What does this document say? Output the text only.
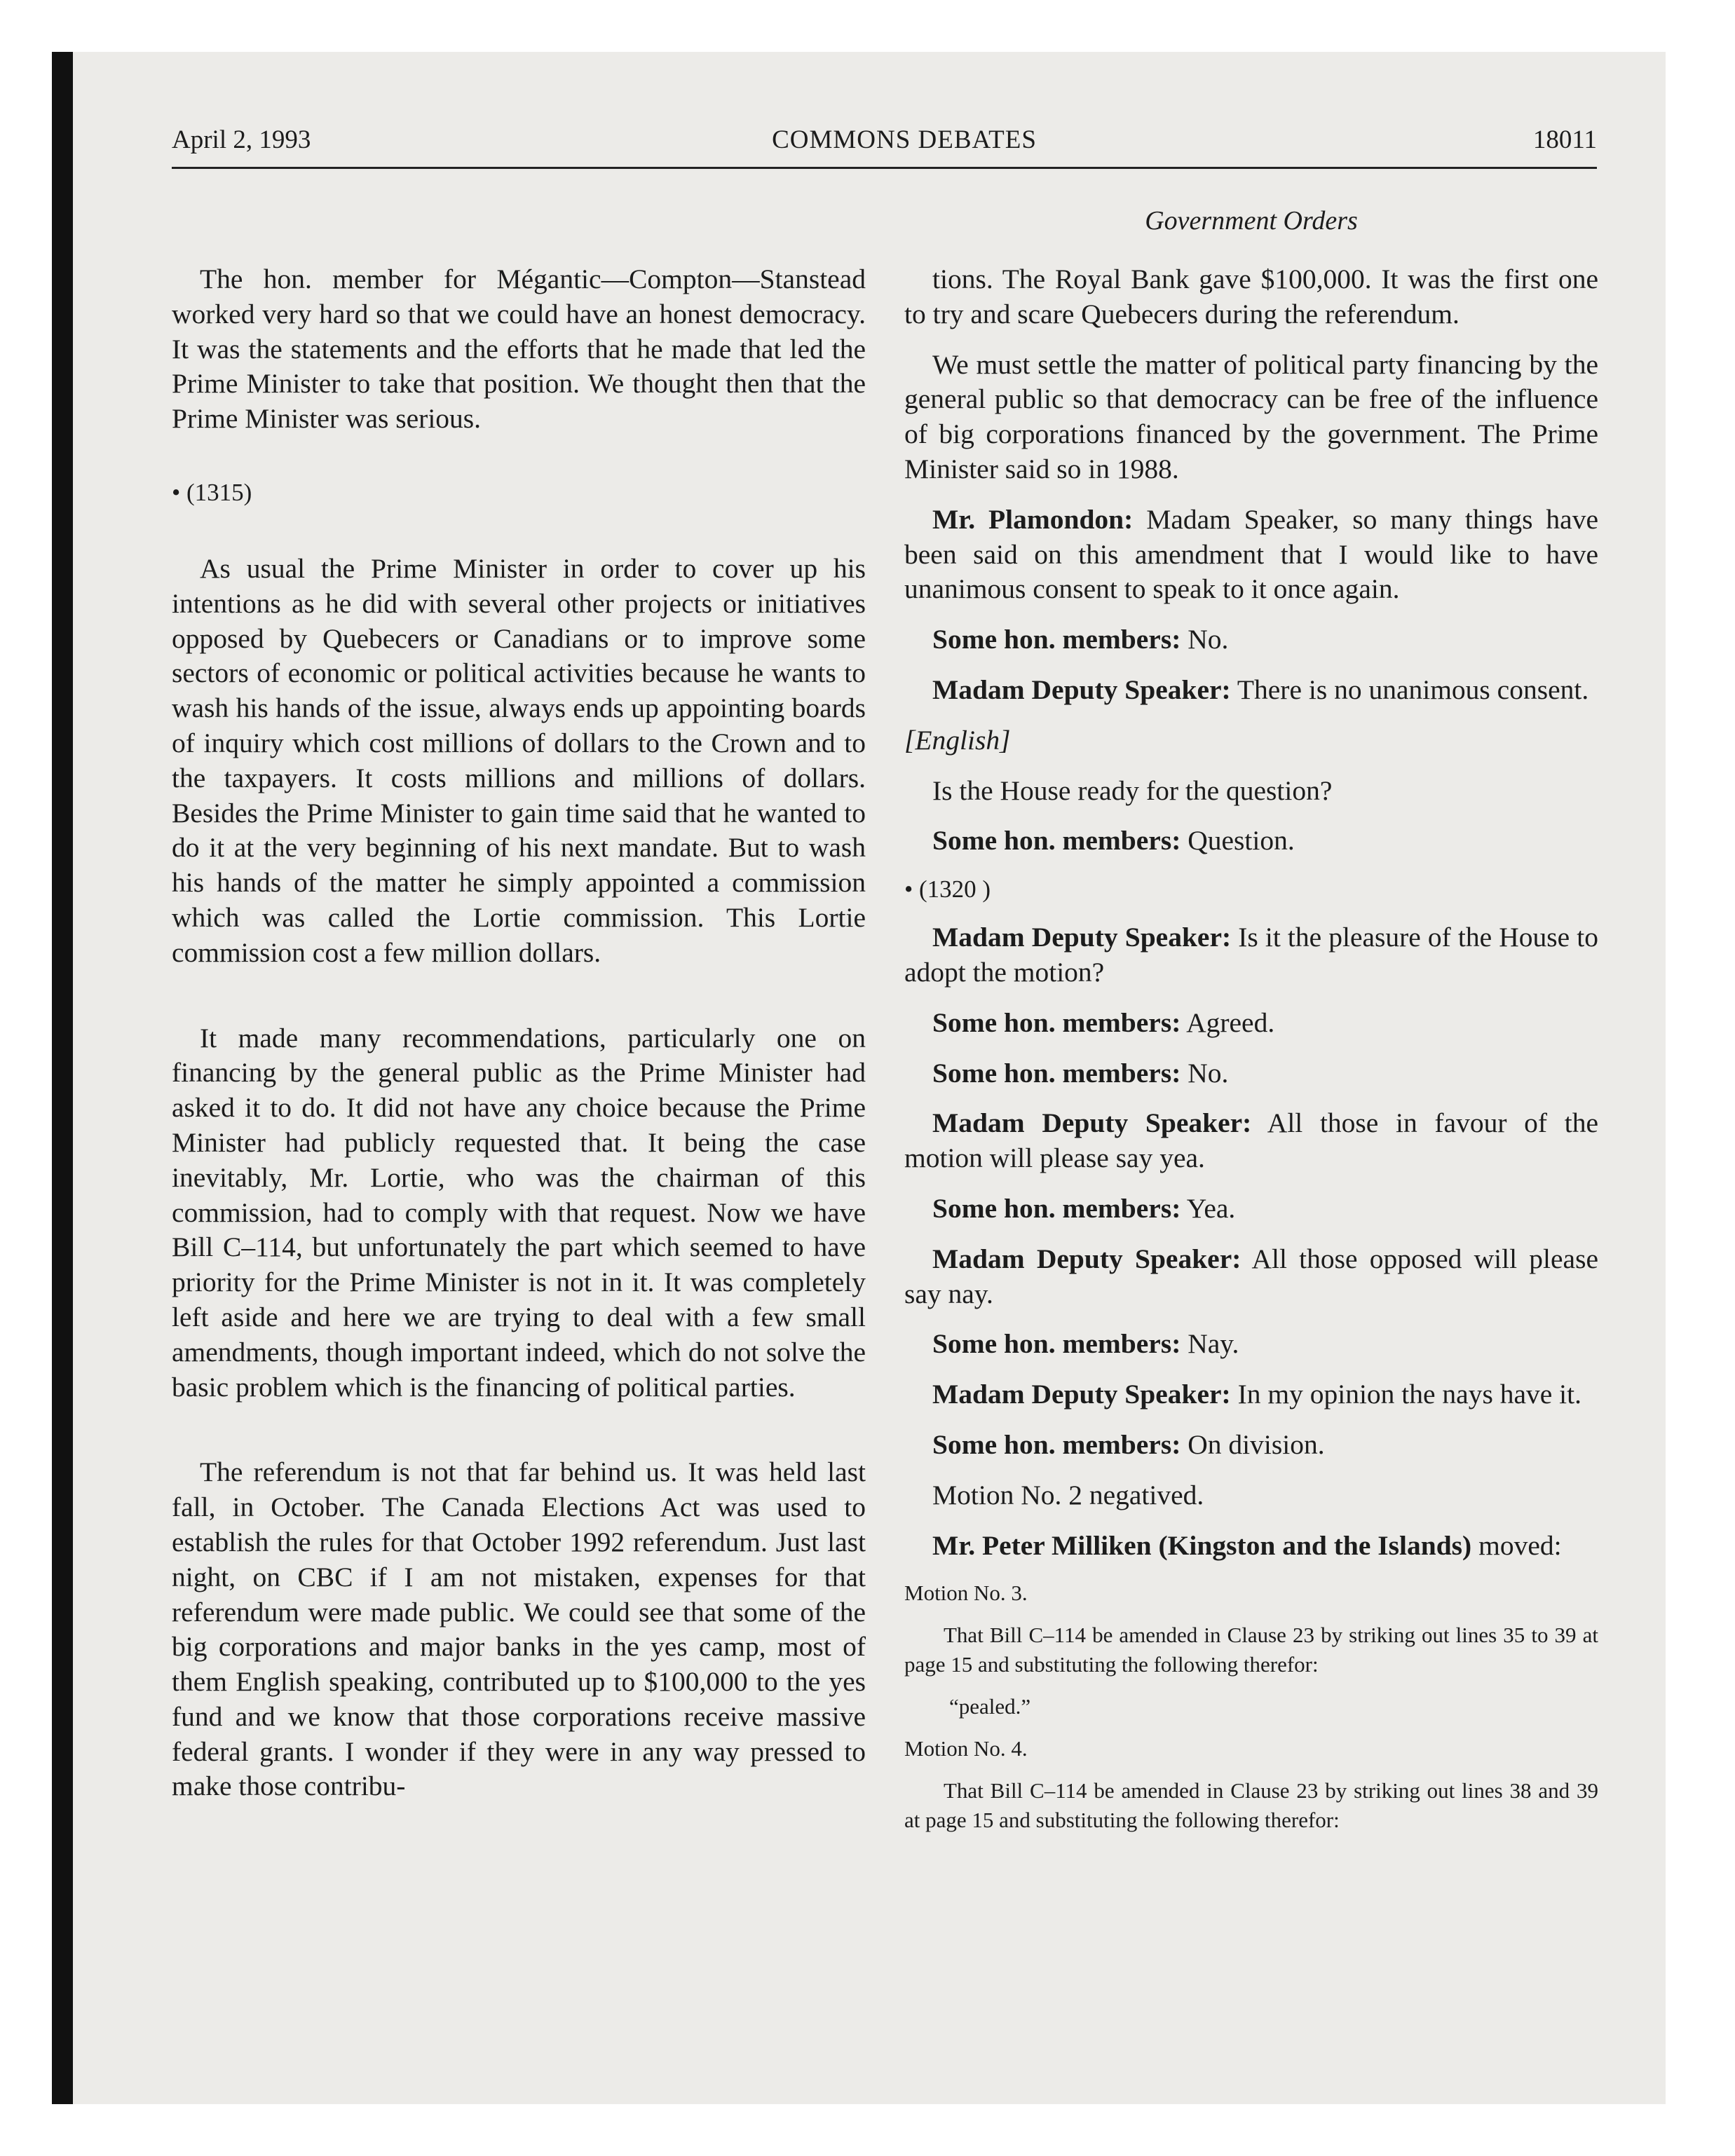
April 2, 1993	COMMONS DEBATES	18011
Government Orders

The hon. member for Mégantic—Compton—Stanstead worked very hard so that we could have an honest democracy. It was the statements and the efforts that he made that led the Prime Minister to take that position. We thought then that the Prime Minister was serious.

• (1315)

As usual the Prime Minister in order to cover up his intentions as he did with several other projects or initiatives opposed by Quebecers or Canadians or to improve some sectors of economic or political activities because he wants to wash his hands of the issue, always ends up appointing boards of inquiry which cost millions of dollars to the Crown and to the taxpayers. It costs millions and millions of dollars. Besides the Prime Minister to gain time said that he wanted to do it at the very beginning of his next mandate. But to wash his hands of the matter he simply appointed a commission which was called the Lortie commission. This Lortie commission cost a few million dollars.

It made many recommendations, particularly one on financing by the general public as the Prime Minister had asked it to do. It did not have any choice because the Prime Minister had publicly requested that. It being the case inevitably, Mr. Lortie, who was the chairman of this commission, had to comply with that request. Now we have Bill C–114, but unfortunately the part which seemed to have priority for the Prime Minister is not in it. It was completely left aside and here we are trying to deal with a few small amendments, though important indeed, which do not solve the basic problem which is the financing of political parties.

The referendum is not that far behind us. It was held last fall, in October. The Canada Elections Act was used to establish the rules for that October 1992 referendum. Just last night, on CBC if I am not mistaken, expenses for that referendum were made public. We could see that some of the big corporations and major banks in the yes camp, most of them English speaking, contributed up to $100,000 to the yes fund and we know that those corporations receive massive federal grants. I wonder if they were in any way pressed to make those contribu-

tions. The Royal Bank gave $100,000. It was the first one to try and scare Quebecers during the referendum.

We must settle the matter of political party financing by the general public so that democracy can be free of the influence of big corporations financed by the government. The Prime Minister said so in 1988.

Mr. Plamondon: Madam Speaker, so many things have been said on this amendment that I would like to have unanimous consent to speak to it once again.

Some hon. members: No.

Madam Deputy Speaker: There is no unanimous consent.

[English]

Is the House ready for the question?

Some hon. members: Question.

• (1320 )

Madam Deputy Speaker: Is it the pleasure of the House to adopt the motion?

Some hon. members: Agreed.

Some hon. members: No.

Madam Deputy Speaker: All those in favour of the motion will please say yea.

Some hon. members: Yea.

Madam Deputy Speaker: All those opposed will please say nay.

Some hon. members: Nay.

Madam Deputy Speaker: In my opinion the nays have it.

Some hon. members: On division.

Motion No. 2 negatived.

Mr. Peter Milliken (Kingston and the Islands) moved:

Motion No. 3.

That Bill C–114 be amended in Clause 23 by striking out lines 35 to 39 at page 15 and substituting the following therefor:

“pealed.”

Motion No. 4.

That Bill C–114 be amended in Clause 23 by striking out lines 38 and 39 at page 15 and substituting the following therefor:
